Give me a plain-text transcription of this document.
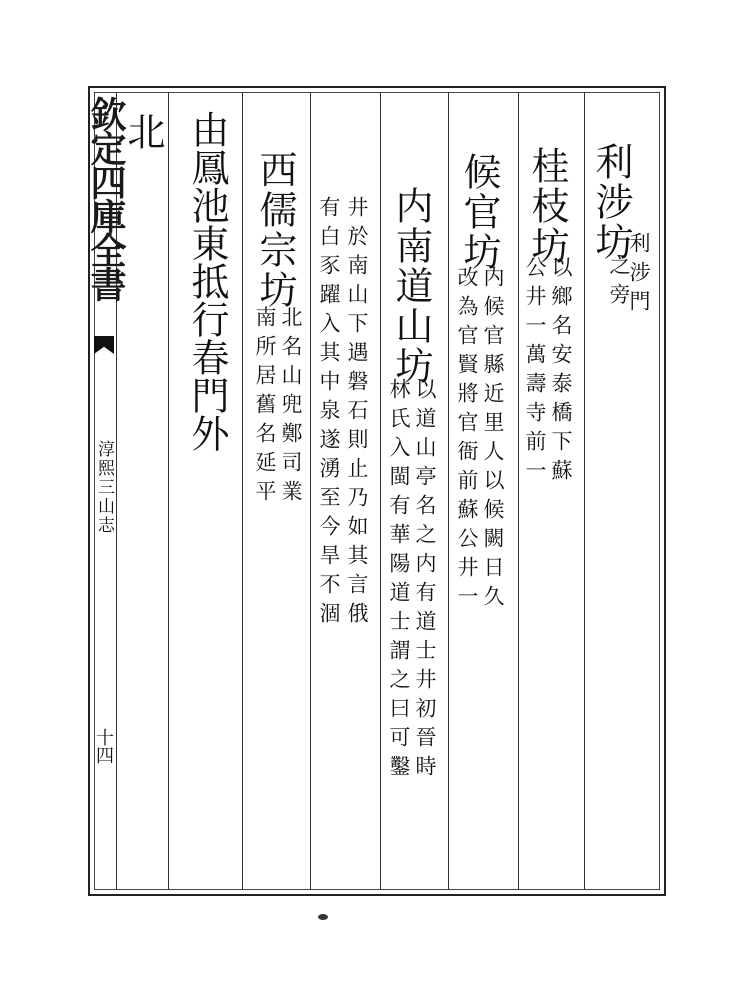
欽定四庫全書
淳熙三山志
十四
利涉坊
之旁
利涉門
桂枝坊
以鄉名安泰橋下蘇
公井一萬壽寺前一
候官坊
内候官縣近里人以候闕日久
改為官賢將官衙前蘇公井一
内南道山坊
以道山亭名之内有道士井初晉時
林氏入閩有華陽道士謂之曰可鑿
井於南山下遇磐石則止乃如其言俄
有白豕躍入其中泉遂湧至今旱不涸
西儒宗坊
北名山兜鄭司業
南所居舊名延平
由鳳池東抵行春門外
北
